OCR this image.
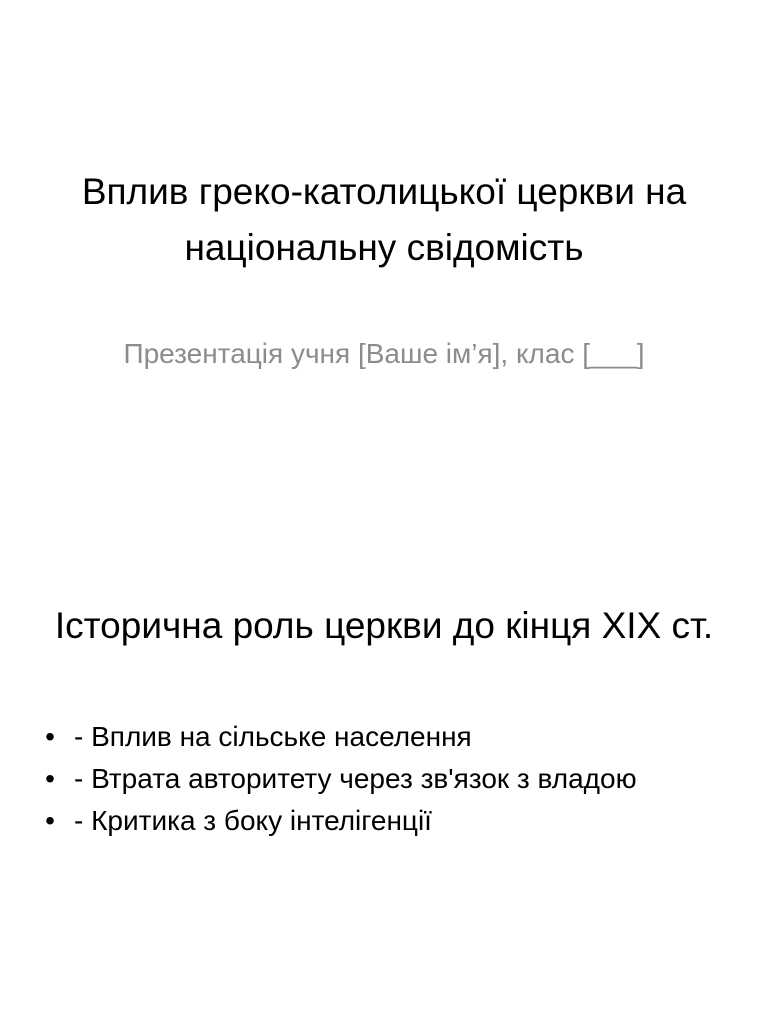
Вплив греко-католицької церкви на національну свідомість

Презентація учня [Ваше ім’я], клас [___]

Історична роль церкви до кінця XIX ст.
• - Вплив на сільське населення
• - Втрата авторитету через зв'язок з владою
• - Критика з боку інтелігенції
